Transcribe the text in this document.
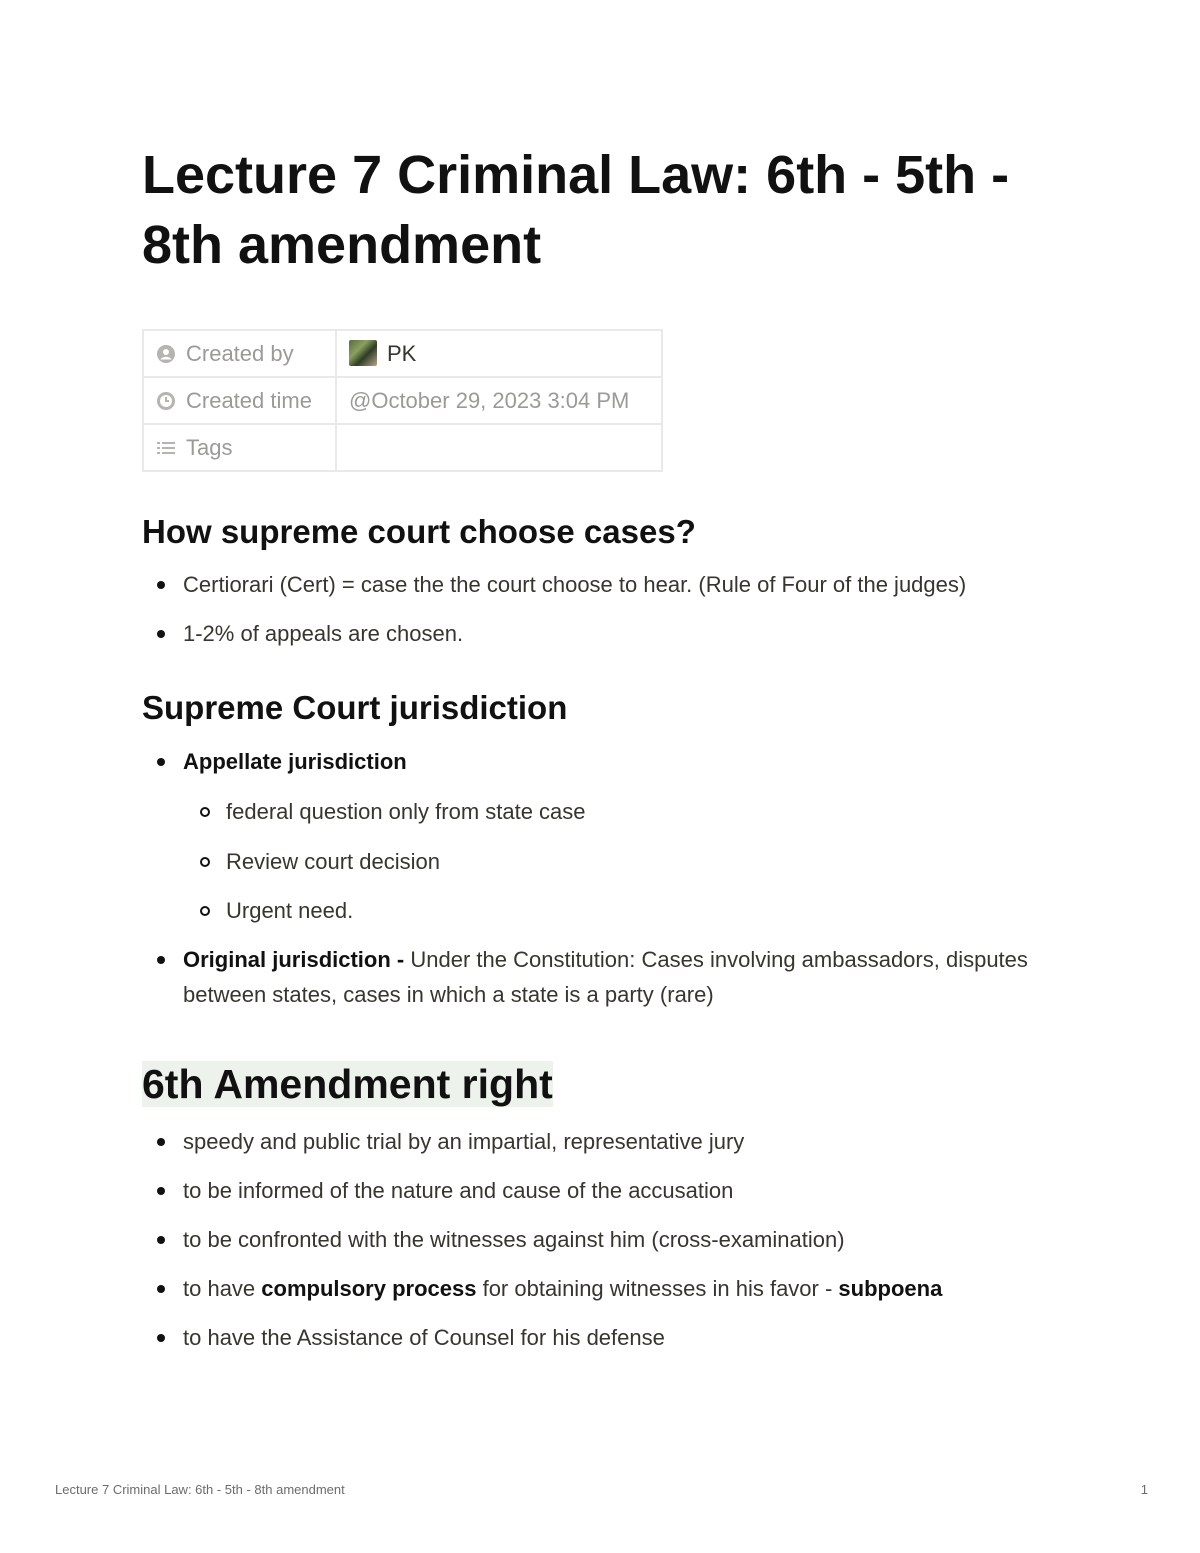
Lecture 7 Criminal Law: 6th - 5th - 8th amendment
Created by	PK
Created time	@October 29, 2023 3:04 PM
Tags	
How supreme court choose cases?
Certiorari (Cert) = case the the court choose to hear. (Rule of Four of the judges)
1-2% of appeals are chosen.
Supreme Court jurisdiction
Appellate jurisdiction
federal question only from state case
Review court decision
Urgent need.
Original jurisdiction - Under the Constitution: Cases involving ambassadors, disputes between states, cases in which a state is a party (rare)
6th Amendment right
speedy and public trial by an impartial, representative jury
to be informed of the nature and cause of the accusation
to be confronted with the witnesses against him (cross-examination)
to have compulsory process for obtaining witnesses in his favor - subpoena
to have the Assistance of Counsel for his defense
Lecture 7 Criminal Law: 6th - 5th - 8th amendment	1
